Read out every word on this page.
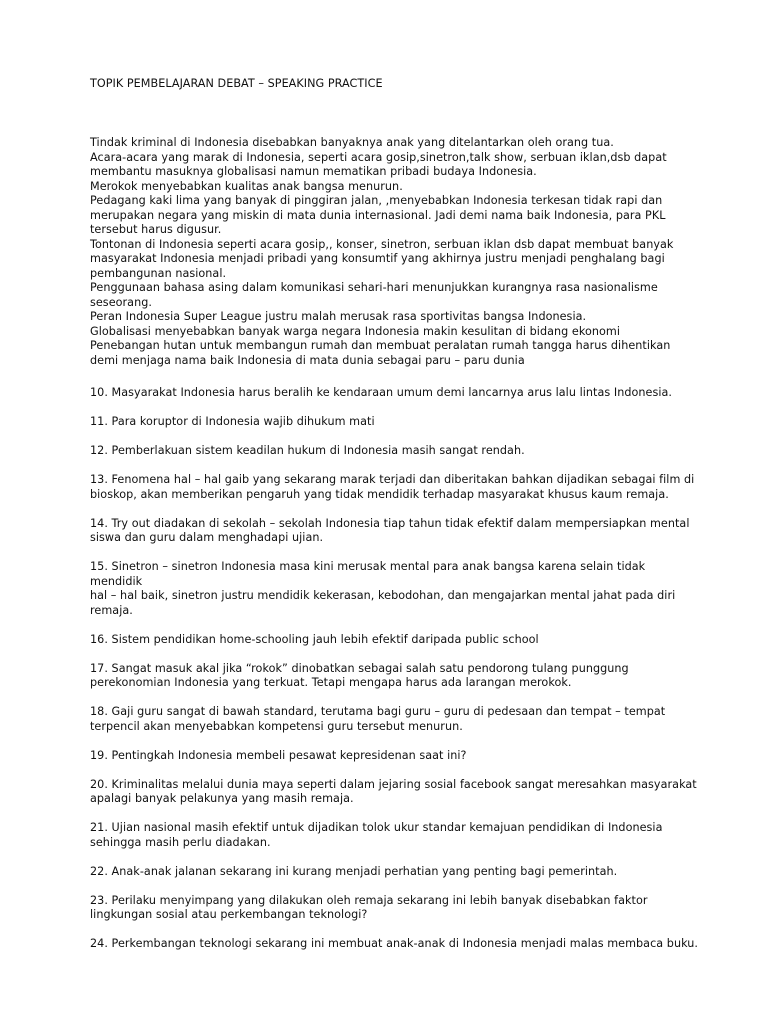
TOPIK PEMBELAJARAN DEBAT – SPEAKING PRACTICE

Tindak kriminal di Indonesia disebabkan banyaknya anak yang ditelantarkan oleh orang tua.

Acara-acara yang marak di Indonesia, seperti acara gosip,sinetron,talk show, serbuan iklan,dsb dapat
membantu masuknya globalisasi namun mematikan pribadi budaya Indonesia.

Merokok menyebabkan kualitas anak bangsa menurun.

Pedagang kaki lima yang banyak di pinggiran jalan, ,menyebabkan Indonesia terkesan tidak rapi dan
merupakan negara yang miskin di mata dunia internasional. Jadi demi nama baik Indonesia, para PKL
tersebut harus digusur.

Tontonan di Indonesia seperti acara gosip,, konser, sinetron, serbuan iklan dsb dapat membuat banyak
masyarakat Indonesia menjadi pribadi yang konsumtif yang akhirnya justru menjadi penghalang bagi
pembangunan nasional.

Penggunaan bahasa asing dalam komunikasi sehari-hari menunjukkan kurangnya rasa nasionalisme
seseorang.

Peran Indonesia Super League justru malah merusak rasa sportivitas bangsa Indonesia.

Globalisasi menyebabkan banyak warga negara Indonesia makin kesulitan di bidang ekonomi

Penebangan hutan untuk membangun rumah dan membuat peralatan rumah tangga harus dihentikan
demi menjaga nama baik Indonesia di mata dunia sebagai paru – paru dunia

10. Masyarakat Indonesia harus beralih ke kendaraan umum demi lancarnya arus lalu lintas Indonesia.

11. Para koruptor di Indonesia wajib dihukum mati

12. Pemberlakuan sistem keadilan hukum di Indonesia masih sangat rendah.

13. Fenomena hal – hal gaib yang sekarang marak terjadi dan diberitakan bahkan dijadikan sebagai film di
bioskop, akan memberikan pengaruh yang tidak mendidik terhadap masyarakat khusus kaum remaja.

14. Try out diadakan di sekolah – sekolah Indonesia tiap tahun tidak efektif dalam mempersiapkan mental
siswa dan guru dalam menghadapi ujian.

15. Sinetron – sinetron Indonesia masa kini merusak mental para anak bangsa karena selain tidak mendidik
hal – hal baik, sinetron justru mendidik kekerasan, kebodohan, dan mengajarkan mental jahat pada diri
remaja.

16. Sistem pendidikan home-schooling jauh lebih efektif daripada public school

17. Sangat masuk akal jika “rokok” dinobatkan sebagai salah satu pendorong tulang punggung
perekonomian Indonesia yang terkuat. Tetapi mengapa harus ada larangan merokok.

18. Gaji guru sangat di bawah standard, terutama bagi guru – guru di pedesaan dan tempat – tempat
terpencil akan menyebabkan kompetensi guru tersebut menurun.

19. Pentingkah Indonesia membeli pesawat kepresidenan saat ini?

20. Kriminalitas melalui dunia maya seperti dalam jejaring sosial facebook sangat meresahkan masyarakat
apalagi banyak pelakunya yang masih remaja.

21. Ujian nasional masih efektif untuk dijadikan tolok ukur standar kemajuan pendidikan di Indonesia
sehingga masih perlu diadakan.

22. Anak-anak jalanan sekarang ini kurang menjadi perhatian yang penting bagi pemerintah.

23. Perilaku menyimpang yang dilakukan oleh remaja sekarang ini lebih banyak disebabkan faktor
lingkungan sosial atau perkembangan teknologi?

24. Perkembangan teknologi sekarang ini membuat anak-anak di Indonesia menjadi malas membaca buku.
